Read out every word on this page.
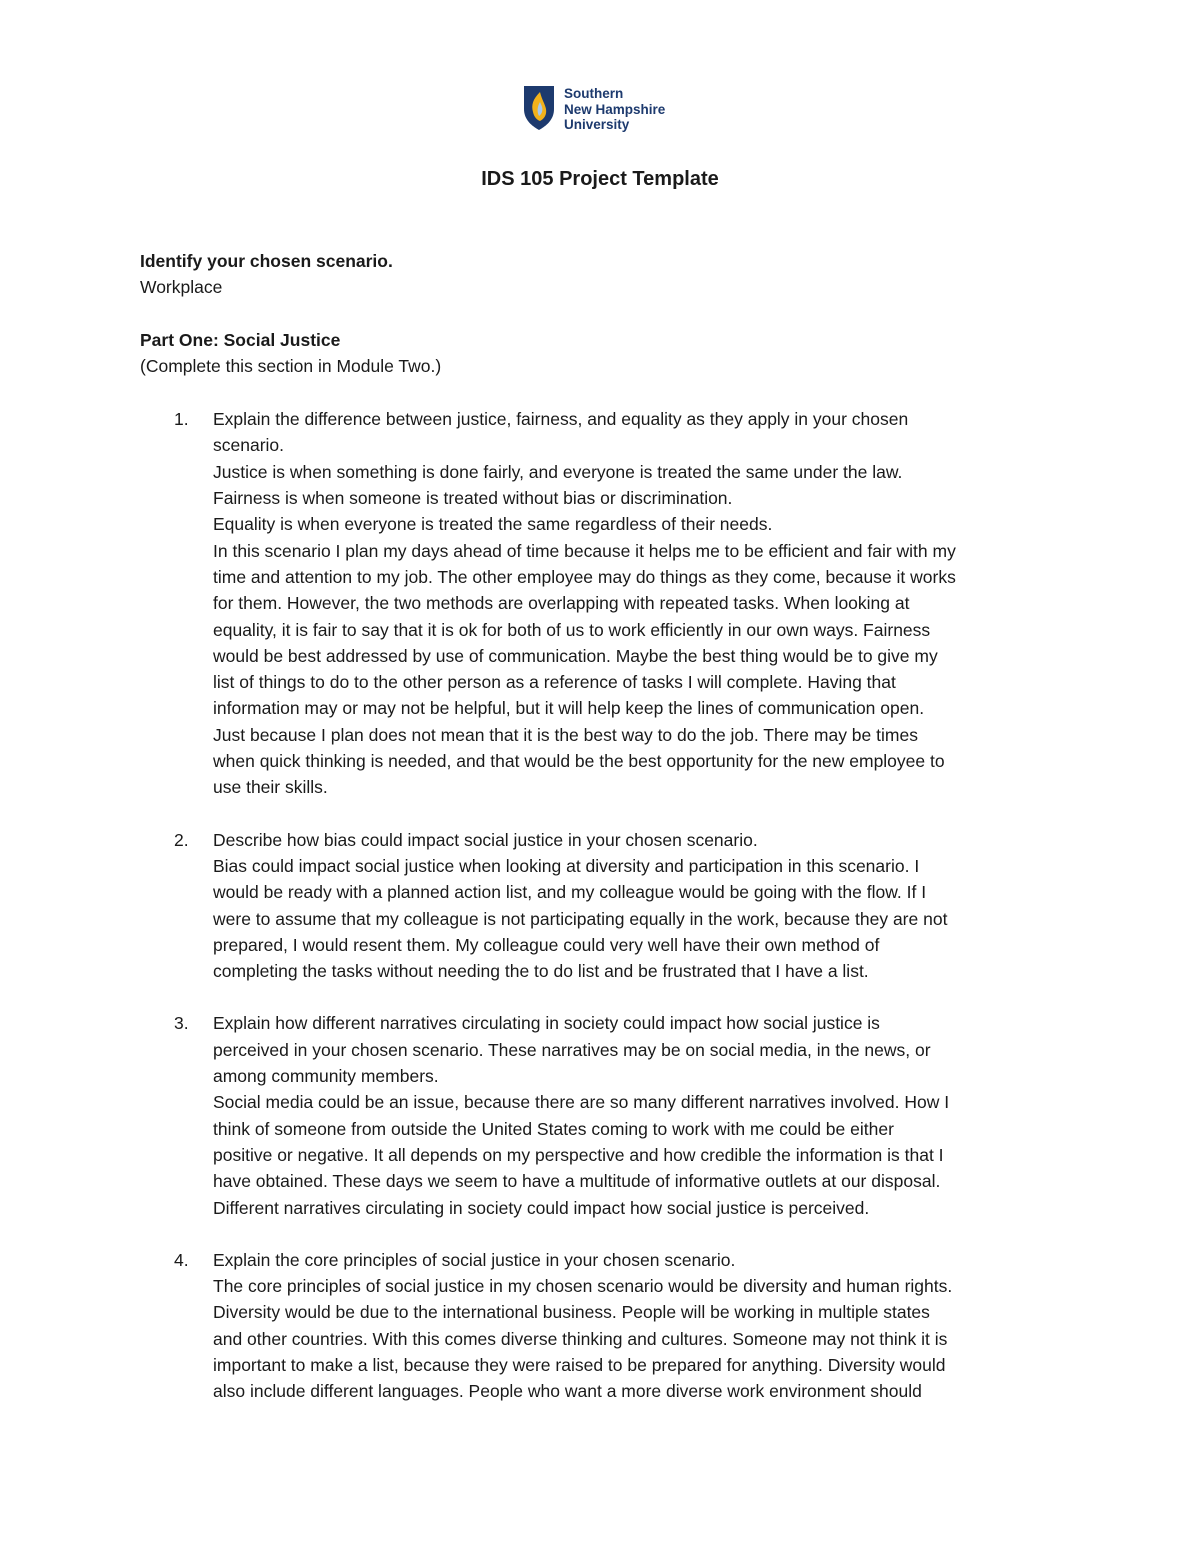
Southern
New Hampshire
University
IDS 105 Project Template
Identify your chosen scenario.
Workplace
Part One: Social Justice
(Complete this section in Module Two.)
1. Explain the difference between justice, fairness, and equality as they apply in your chosen
scenario.
Justice is when something is done fairly, and everyone is treated the same under the law.
Fairness is when someone is treated without bias or discrimination.
Equality is when everyone is treated the same regardless of their needs.
In this scenario I plan my days ahead of time because it helps me to be efficient and fair with my
time and attention to my job. The other employee may do things as they come, because it works
for them. However, the two methods are overlapping with repeated tasks. When looking at
equality, it is fair to say that it is ok for both of us to work efficiently in our own ways. Fairness
would be best addressed by use of communication. Maybe the best thing would be to give my
list of things to do to the other person as a reference of tasks I will complete. Having that
information may or may not be helpful, but it will help keep the lines of communication open.
Just because I plan does not mean that it is the best way to do the job. There may be times
when quick thinking is needed, and that would be the best opportunity for the new employee to
use their skills.
2. Describe how bias could impact social justice in your chosen scenario.
Bias could impact social justice when looking at diversity and participation in this scenario. I
would be ready with a planned action list, and my colleague would be going with the flow. If I
were to assume that my colleague is not participating equally in the work, because they are not
prepared, I would resent them. My colleague could very well have their own method of
completing the tasks without needing the to do list and be frustrated that I have a list.
3. Explain how different narratives circulating in society could impact how social justice is
perceived in your chosen scenario. These narratives may be on social media, in the news, or
among community members.
Social media could be an issue, because there are so many different narratives involved. How I
think of someone from outside the United States coming to work with me could be either
positive or negative. It all depends on my perspective and how credible the information is that I
have obtained. These days we seem to have a multitude of informative outlets at our disposal.
Different narratives circulating in society could impact how social justice is perceived.
4. Explain the core principles of social justice in your chosen scenario.
The core principles of social justice in my chosen scenario would be diversity and human rights.
Diversity would be due to the international business. People will be working in multiple states
and other countries. With this comes diverse thinking and cultures. Someone may not think it is
important to make a list, because they were raised to be prepared for anything. Diversity would
also include different languages. People who want a more diverse work environment should
